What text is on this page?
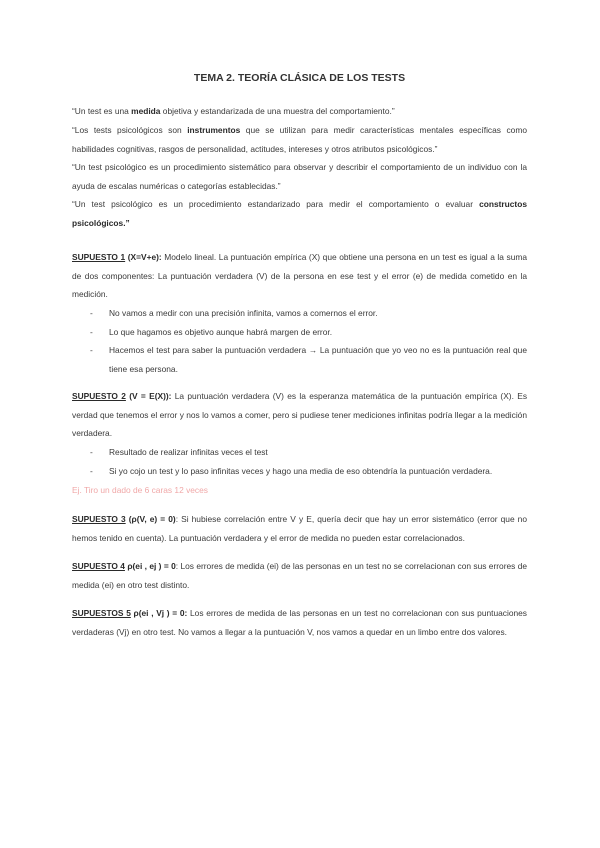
TEMA 2. TEORÍA CLÁSICA DE LOS TESTS
“Un test es una medida objetiva y estandarizada de una muestra del comportamiento.”
“Los tests psicológicos son instrumentos que se utilizan para medir características mentales específicas como habilidades cognitivas, rasgos de personalidad, actitudes, intereses y otros atributos psicológicos.”
“Un test psicológico es un procedimiento sistemático para observar y describir el comportamiento de un individuo con la ayuda de escalas numéricas o categorías establecidas.”
“Un test psicológico es un procedimiento estandarizado para medir el comportamiento o evaluar constructos psicológicos.”
SUPUESTO 1 (X=V+e): Modelo lineal. La puntuación empírica (X) que obtiene una persona en un test es igual a la suma de dos componentes: La puntuación verdadera (V) de la persona en ese test y el error (e) de medida cometido en la medición.
- No vamos a medir con una precisión infinita, vamos a comernos el error.
- Lo que hagamos es objetivo aunque habrá margen de error.
- Hacemos el test para saber la puntuación verdadera → La puntuación que yo veo no es la puntuación real que tiene esa persona.
SUPUESTO 2 (V = E(X)): La puntuación verdadera (V) es la esperanza matemática de la puntuación empírica (X). Es verdad que tenemos el error y nos lo vamos a comer, pero si pudiese tener mediciones infinitas podría llegar a la medición verdadera.
- Resultado de realizar infinitas veces el test
- Si yo cojo un test y lo paso infinitas veces y hago una media de eso obtendría la puntuación verdadera.
Ej. Tiro un dado de 6 caras 12 veces
SUPUESTO 3 (ρ(V, e) = 0): Si hubiese correlación entre V y E, quería decir que hay un error sistemático (error que no hemos tenido en cuenta). La puntuación verdadera y el error de medida no pueden estar correlacionados.
SUPUESTO 4 ρ(ei , ej ) = 0: Los errores de medida (ei) de las personas en un test no se correlacionan con sus errores de medida (ei) en otro test distinto.
SUPUESTOS 5 ρ(ei , Vj ) = 0: Los errores de medida de las personas en un test no correlacionan con sus puntuaciones verdaderas (Vj) en otro test. No vamos a llegar a la puntuación V, nos vamos a quedar en un limbo entre dos valores.
